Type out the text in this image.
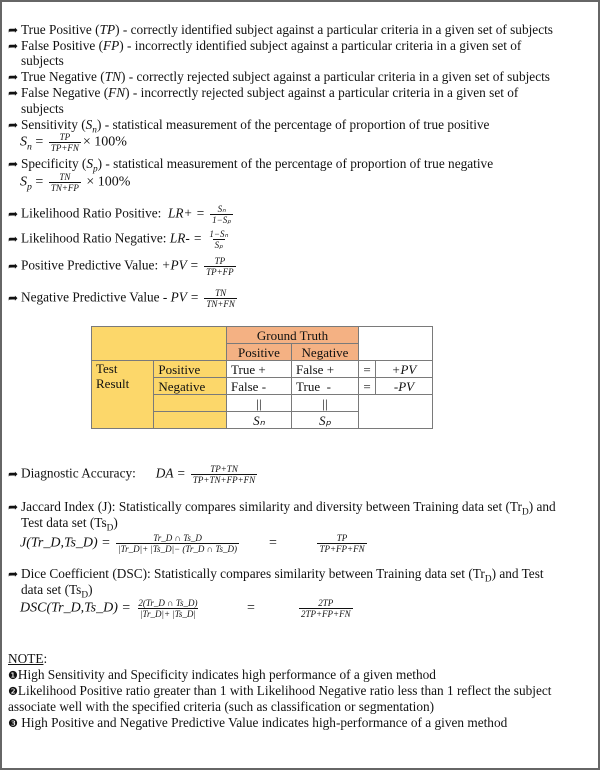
➦ True Positive (TP) - correctly identified subject against a particular criteria in a given set of subjects
➦ False Positive (FP) - incorrectly identified subject against a particular criteria in a given set of
subjects
➦ True Negative (TN) - correctly rejected subject against a particular criteria in a given set of subjects
➦ False Negative (FN) - incorrectly rejected subject against a particular criteria in a given set of
subjects
➦ Sensitivity $(S_n)$ - statistical measurement of the percentage of proportion of true positive
$S_n = \frac{TP}{TP+FN} \times 100\%$
➦ Specificity $(S_p)$ - statistical measurement of the percentage of proportion of true negative
$S_p = \frac{TN}{TN+FP} \times 100\%$
➦ Likelihood Ratio Positive: $LR+ = \frac{\text{Sₙ}}{\text{1−Sₚ}}$
➦ Likelihood Ratio Negative: $LR- = \frac{\text{1−Sₙ}}{\text{Sₚ}}$
➦ Positive Predictive Value: $+PV = \frac{TP}{TP+FP}$
➦ Negative Predictive Value - PV = $\frac{TN}{TN+FN}$
		Ground Truth			
		Positive	Negative		
Test
Result	Positive	True +	False +	=	+PV
	Negative	False -	True  -	=	-PV
		||	||		
		Sₙ	Sₚ		
➦ Diagnostic Accuracy: DA = $\frac{TP+TN}{TP+TN+FP+FN}$
➦ Jaccard Index (J): Statistically compares similarity and diversity between Training data set $(Tr_D)$ and
Test data set $(Ts_D)$
J(Tr_D,Ts_D) = $\frac{Tr\_D \cap Ts\_D}{|Tr\_D|+ |Ts\_D|- (Tr\_D \cap Ts\_D)}$ =	$\frac{TP}{TP+FP+FN}$
➦ Dice Coefficient (DSC): Statistically compares similarity between Training data set $(Tr_D)$ and Test
data set $(Ts_D)$
DSC(Tr_D,Ts_D) = $\frac{2(Tr\_D \cap Ts\_D)}{|Tr\_D|+ |Ts\_D|}$	=	$\frac{2TP}{2TP+FP+FN}$
NOTE:
❶High Sensitivity and Specificity indicates high performance of a given method
❷Likelihood Positive ratio greater than 1 with Likelihood Negative ratio less than 1 reflect the subject
associate well with the specified criteria (such as classification or segmentation)
❸ High Positive and Negative Predictive Value indicates high-performance of a given method
